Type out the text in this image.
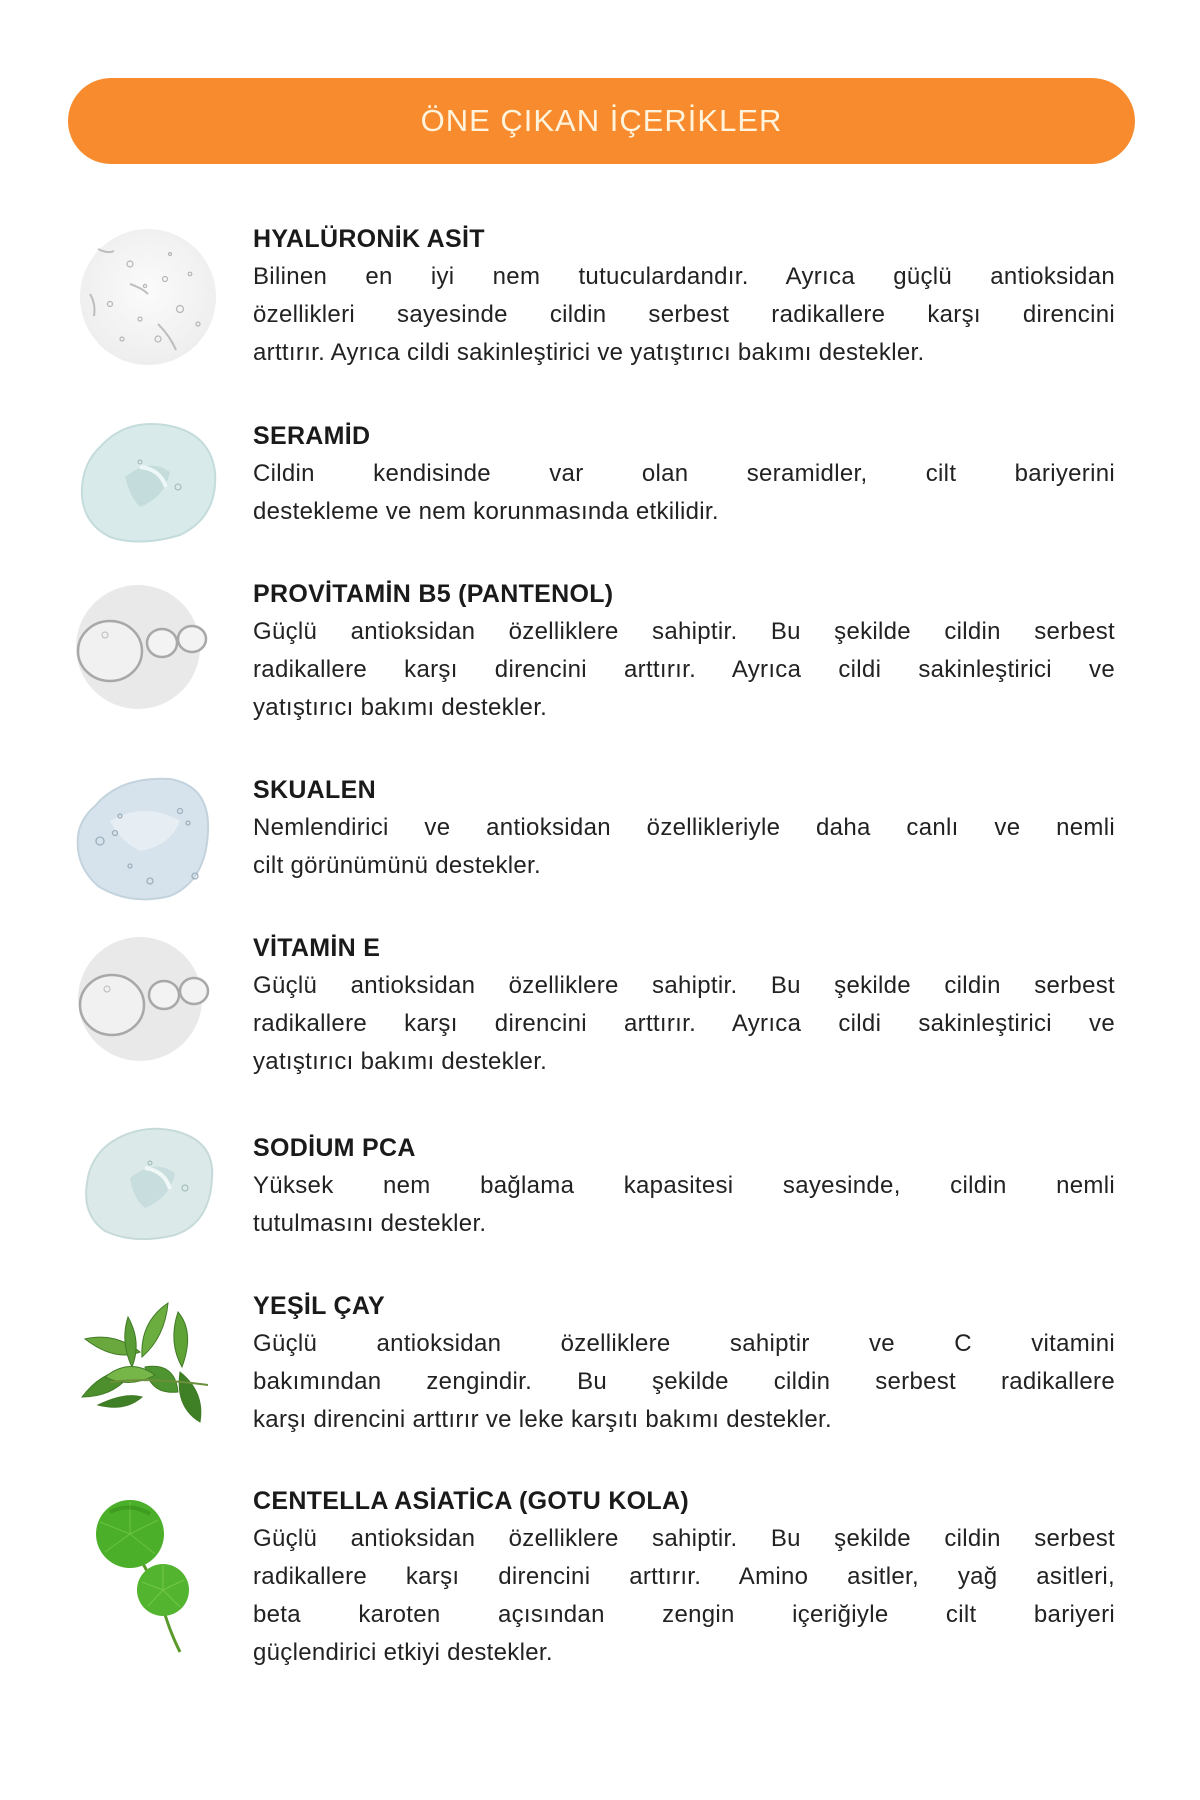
ÖNE ÇIKAN İÇERİKLER
HYALÜRONİK ASİT
Bilinen en iyi nem tutuculardandır. Ayrıca güçlü antioksidan
özellikleri sayesinde cildin serbest radikallere karşı direncini
arttırır. Ayrıca cildi sakinleştirici ve yatıştırıcı bakımı destekler.
SERAMİD
Cildin kendisinde var olan seramidler, cilt bariyerini
destekleme ve nem korunmasında etkilidir.
PROVİTAMİN B5 (PANTENOL)
Güçlü antioksidan özelliklere sahiptir. Bu şekilde cildin serbest
radikallere karşı direncini arttırır. Ayrıca cildi sakinleştirici ve
yatıştırıcı bakımı destekler.
SKUALEN
Nemlendirici ve antioksidan özellikleriyle daha canlı ve nemli
cilt görünümünü destekler.
VİTAMİN E
Güçlü antioksidan özelliklere sahiptir. Bu şekilde cildin serbest
radikallere karşı direncini arttırır. Ayrıca cildi sakinleştirici ve
yatıştırıcı bakımı destekler.
SODİUM PCA
Yüksek nem bağlama kapasitesi sayesinde, cildin nemli
tutulmasını destekler.
YEŞİL ÇAY
Güçlü antioksidan özelliklere sahiptir ve C vitamini
bakımından zengindir. Bu şekilde cildin serbest radikallere
karşı direncini arttırır ve leke karşıtı bakımı destekler.
CENTELLA ASİATİCA (GOTU KOLA)
Güçlü antioksidan özelliklere sahiptir. Bu şekilde cildin serbest
radikallere karşı direncini arttırır. Amino asitler, yağ asitleri,
beta karoten açısından zengin içeriğiyle cilt bariyeri
güçlendirici etkiyi destekler.
